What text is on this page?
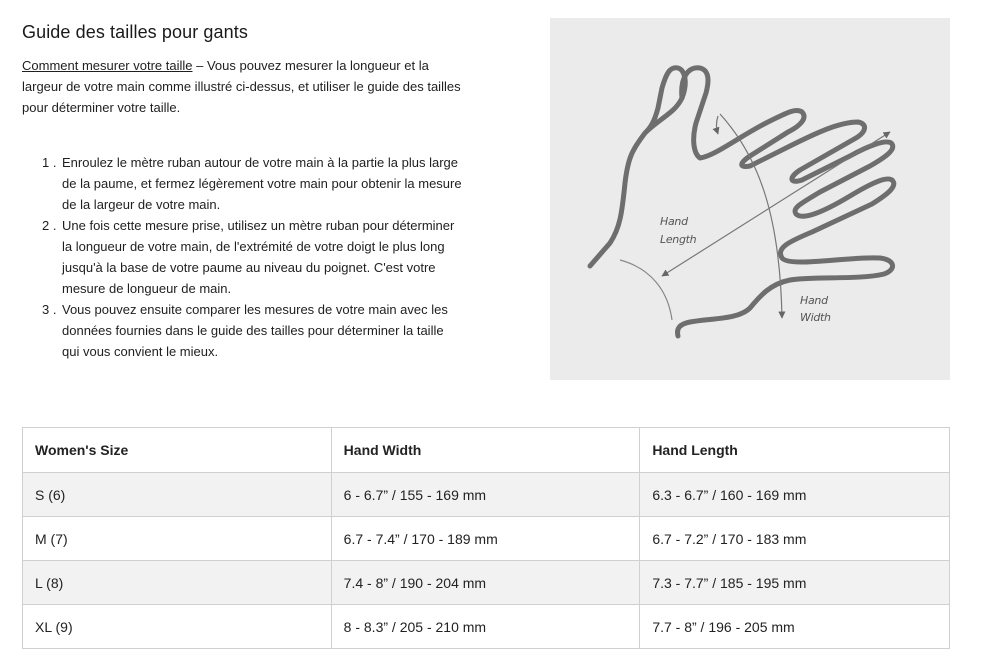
Guide des tailles pour gants

Comment mesurer votre taille – Vous pouvez mesurer la longueur et la largeur de votre main comme illustré ci-dessus, et utiliser le guide des tailles pour déterminer votre taille.

1 . Enroulez le mètre ruban autour de votre main à la partie la plus large de la paume, et fermez légèrement votre main pour obtenir la mesure de la largeur de votre main.
2 . Une fois cette mesure prise, utilisez un mètre ruban pour déterminer la longueur de votre main, de l'extrémité de votre doigt le plus long jusqu'à la base de votre paume au niveau du poignet. C'est votre mesure de longueur de main.
3 . Vous pouvez ensuite comparer les mesures de votre main avec les données fournies dans le guide des tailles pour déterminer la taille qui vous convient le mieux.
Hand
Length
Hand
Width
Women's Size	Hand Width	Hand Length
S (6)	6 - 6.7” / 155 - 169 mm	6.3 - 6.7” / 160 - 169 mm
M (7)	6.7 - 7.4” / 170 - 189 mm	6.7 - 7.2” / 170 - 183 mm
L (8)	7.4 - 8” / 190 - 204 mm	7.3 - 7.7” / 185 - 195 mm
XL (9)	8 - 8.3” / 205 - 210 mm	7.7 - 8” / 196 - 205 mm
